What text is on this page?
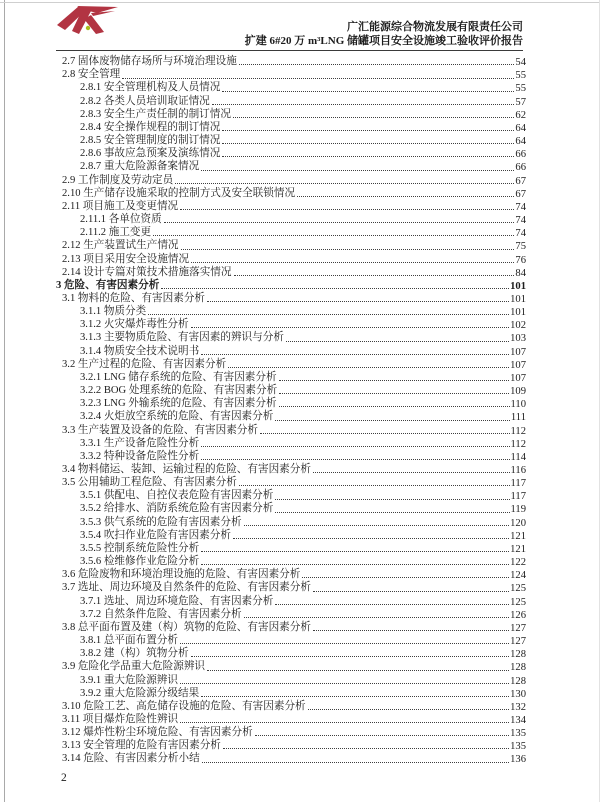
广汇能源综合物流发展有限责任公司
扩建 6#20 万 m³LNG 储罐项目安全设施竣工验收评价报告
2.7 固体废物储存场所与环境治理设施	54
2.8 安全管理	55
2.8.1 安全管理机构及人员情况	55
2.8.2 各类人员培训取证情况	57
2.8.3 安全生产责任制的制订情况	62
2.8.4 安全操作规程的制订情况	64
2.8.5 安全管理制度的制订情况	64
2.8.6 事故应急预案及演练情况	66
2.8.7 重大危险源备案情况	66
2.9 工作制度及劳动定员	67
2.10 生产储存设施采取的控制方式及安全联锁情况	67
2.11 项目施工及变更情况	74
2.11.1 各单位资质	74
2.11.2 施工变更	74
2.12 生产装置试生产情况	75
2.13 项目采用安全设施情况	76
2.14 设计专篇对策技术措施落实情况	84
3 危险、有害因素分析	101
3.1 物料的危险、有害因素分析	101
3.1.1 物质分类	101
3.1.2 火灾爆炸毒性分析	102
3.1.3 主要物质危险、有害因素的辨识与分析	103
3.1.4 物质安全技术说明书	107
3.2 生产过程的危险、有害因素分析	107
3.2.1 LNG 储存系统的危险、有害因素分析	107
3.2.2 BOG 处理系统的危险、有害因素分析	109
3.2.3 LNG 外输系统的危险、有害因素分析	110
3.2.4 火炬放空系统的危险、有害因素分析	111
3.3 生产装置及设备的危险、有害因素分析	112
3.3.1 生产设备危险性分析	112
3.3.2 特种设备危险性分析	114
3.4 物料储运、装卸、运输过程的危险、有害因素分析	116
3.5 公用辅助工程危险、有害因素分析	117
3.5.1 供配电、自控仪表危险有害因素分析	117
3.5.2 给排水、消防系统危险有害因素分析	119
3.5.3 供气系统的危险有害因素分析	120
3.5.4 吹扫作业危险有害因素分析	121
3.5.5 控制系统危险性分析	121
3.5.6 检维修作业危险分析	122
3.6 危险废物和环境治理设施的危险、有害因素分析	124
3.7 选址、周边环境及自然条件的危险、有害因素分析	125
3.7.1 选址、周边环境危险、有害因素分析	125
3.7.2 自然条件危险、有害因素分析	126
3.8 总平面布置及建（构）筑物的危险、有害因素分析	127
3.8.1 总平面布置分析	127
3.8.2 建（构）筑物分析	128
3.9 危险化学品重大危险源辨识	128
3.9.1 重大危险源辨识	128
3.9.2 重大危险源分级结果	130
3.10 危险工艺、高危储存设施的危险、有害因素分析	132
3.11 项目爆炸危险性辨识	134
3.12 爆炸性粉尘环境危险、有害因素分析	135
3.13 安全管理的危险有害因素分析	135
3.14 危险、有害因素分析小结	136
2
